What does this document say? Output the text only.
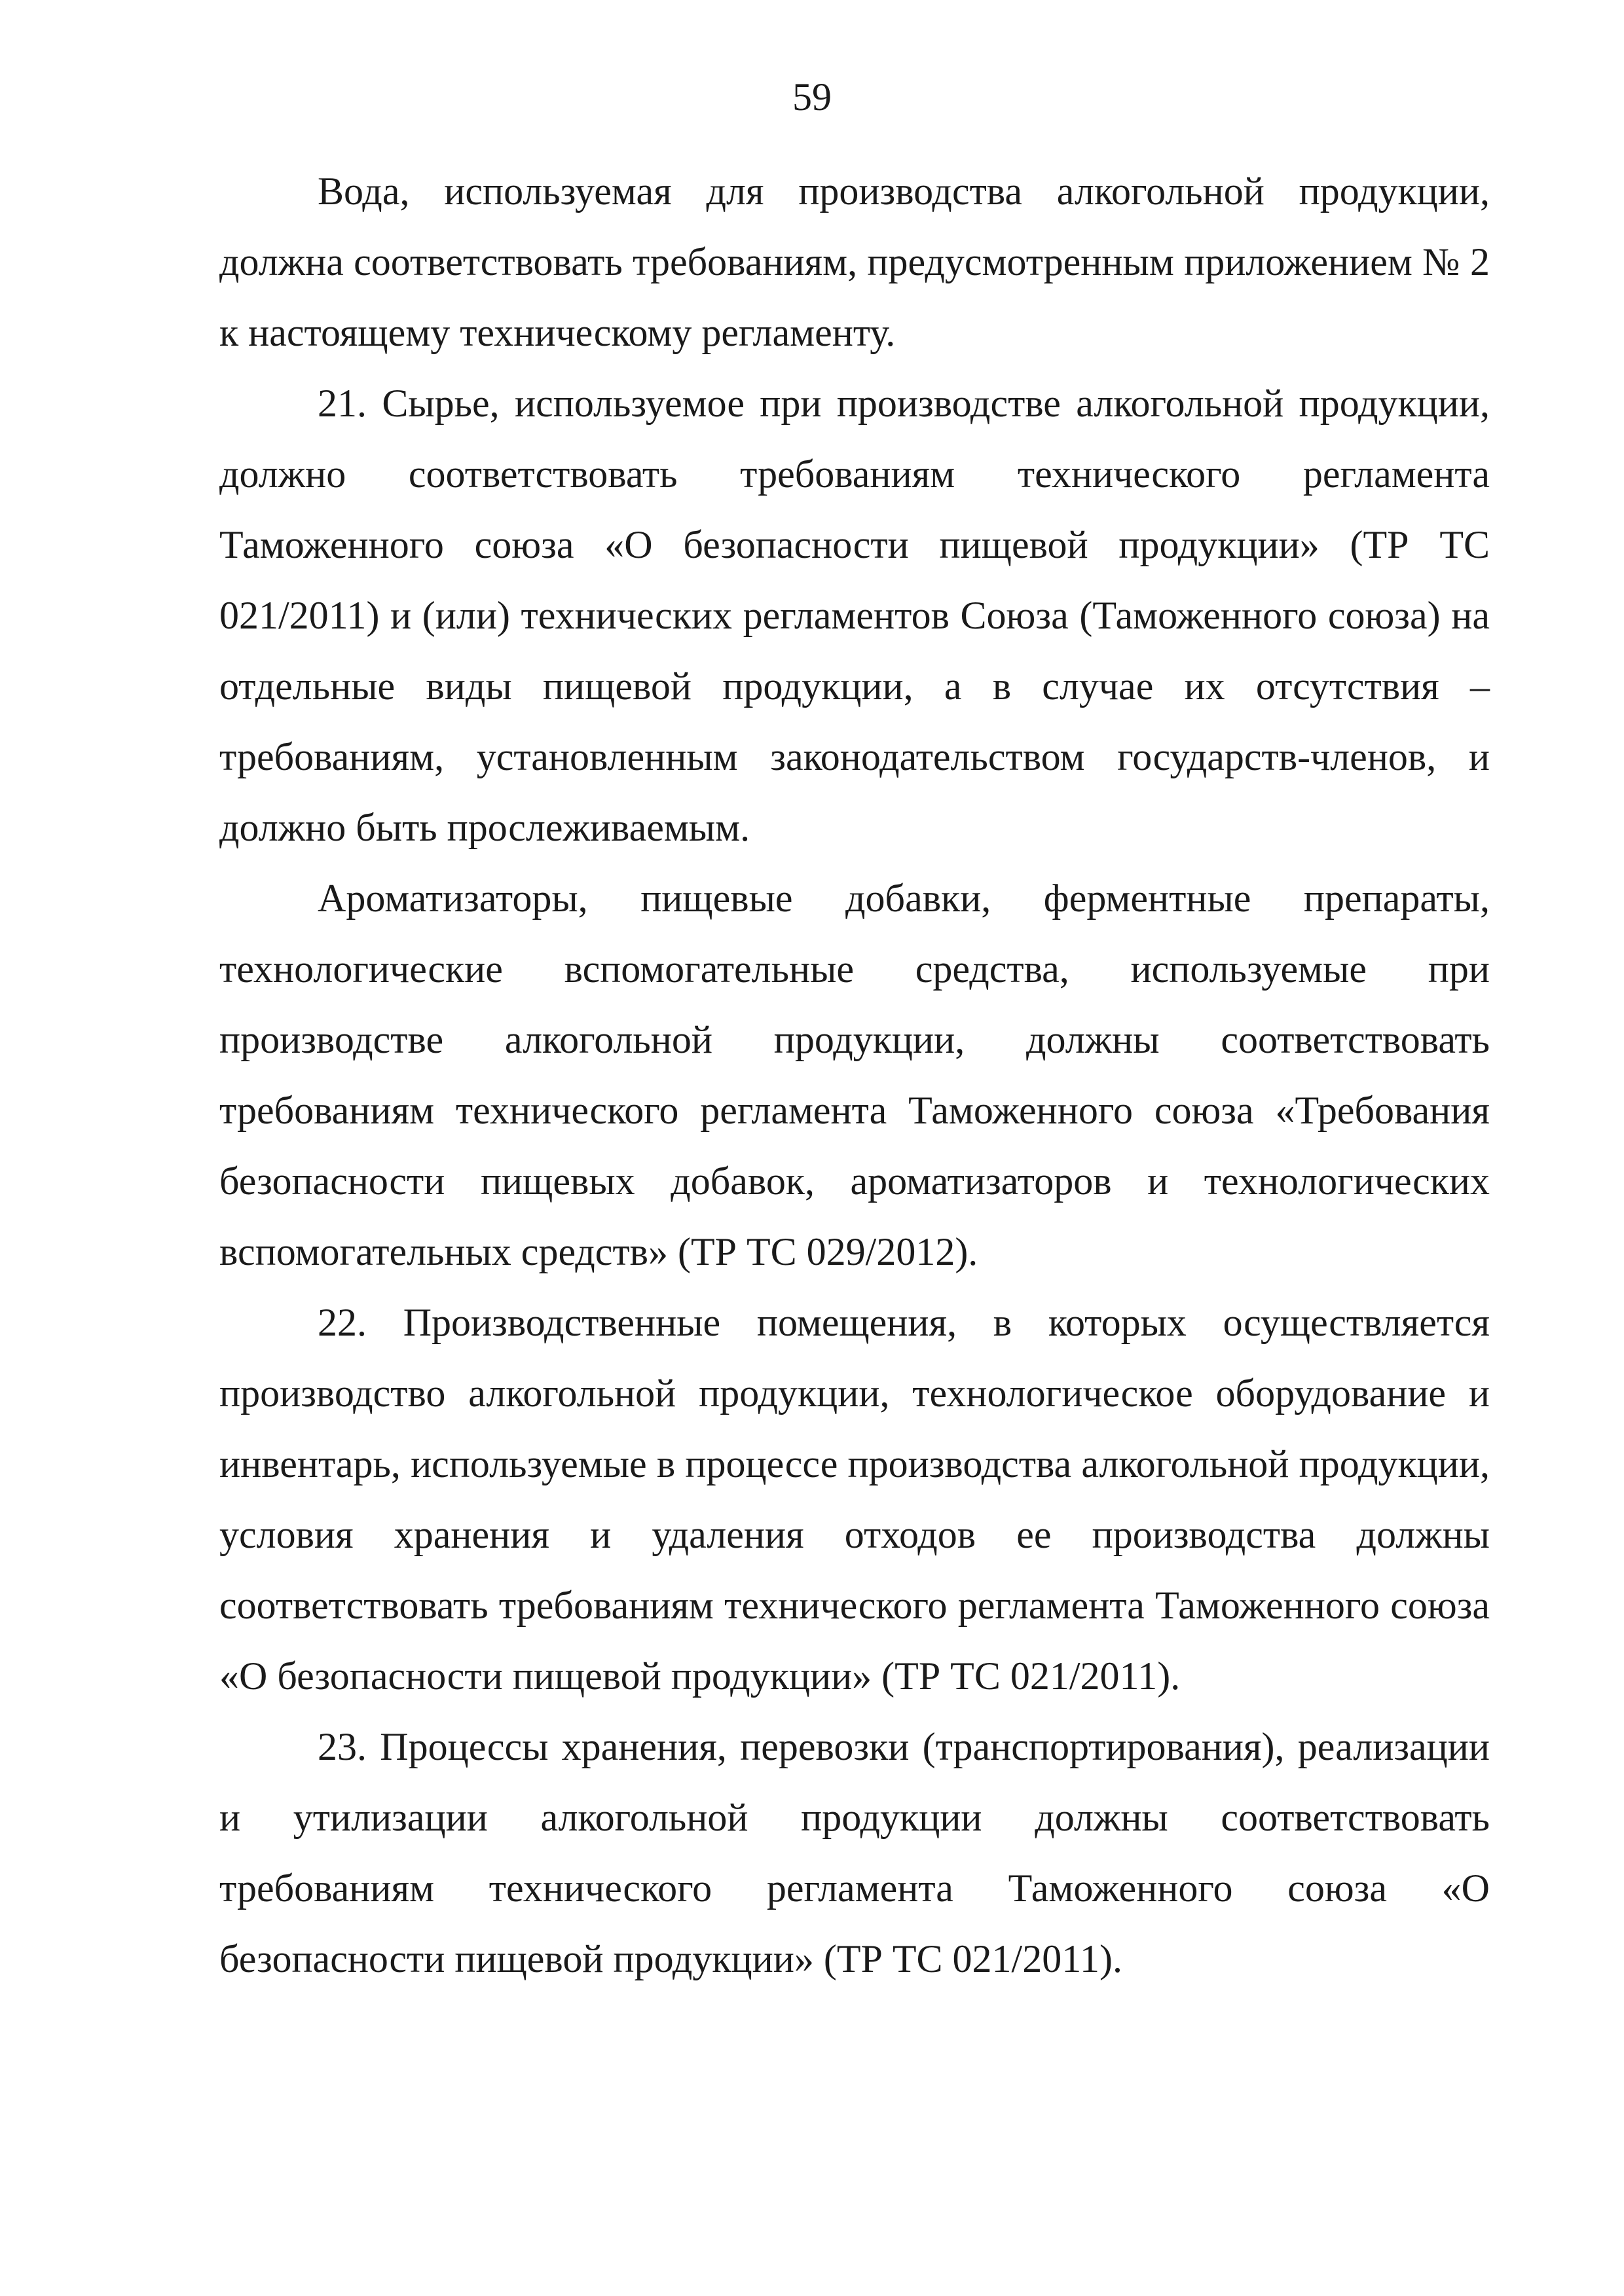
59

Вода, используемая для производства алкогольной продукции, должна соответствовать требованиям, предусмотренным приложением № 2 к настоящему техническому регламенту.

21. Сырье, используемое при производстве алкогольной продукции, должно соответствовать требованиям технического регламента Таможенного союза «О безопасности пищевой продукции» (ТР ТС 021/2011) и (или) технических регламентов Союза (Таможенного союза) на отдельные виды пищевой продукции, а в случае их отсутствия – требованиям, установленным законодательством государств-членов, и должно быть прослеживаемым.

Ароматизаторы, пищевые добавки, ферментные препараты, технологические вспомогательные средства, используемые при производстве алкогольной продукции, должны соответствовать требованиям технического регламента Таможенного союза «Требования безопасности пищевых добавок, ароматизаторов и технологических вспомогательных средств» (ТР ТС 029/2012).

22. Производственные помещения, в которых осуществляется производство алкогольной продукции, технологическое оборудование и инвентарь, используемые в процессе производства алкогольной продукции, условия хранения и удаления отходов ее производства должны соответствовать требованиям технического регламента Таможенного союза «О безопасности пищевой продукции» (ТР ТС 021/2011).

23. Процессы хранения, перевозки (транспортирования), реализации и утилизации алкогольной продукции должны соответствовать требованиям технического регламента Таможенного союза «О безопасности пищевой продукции» (ТР ТС 021/2011).
